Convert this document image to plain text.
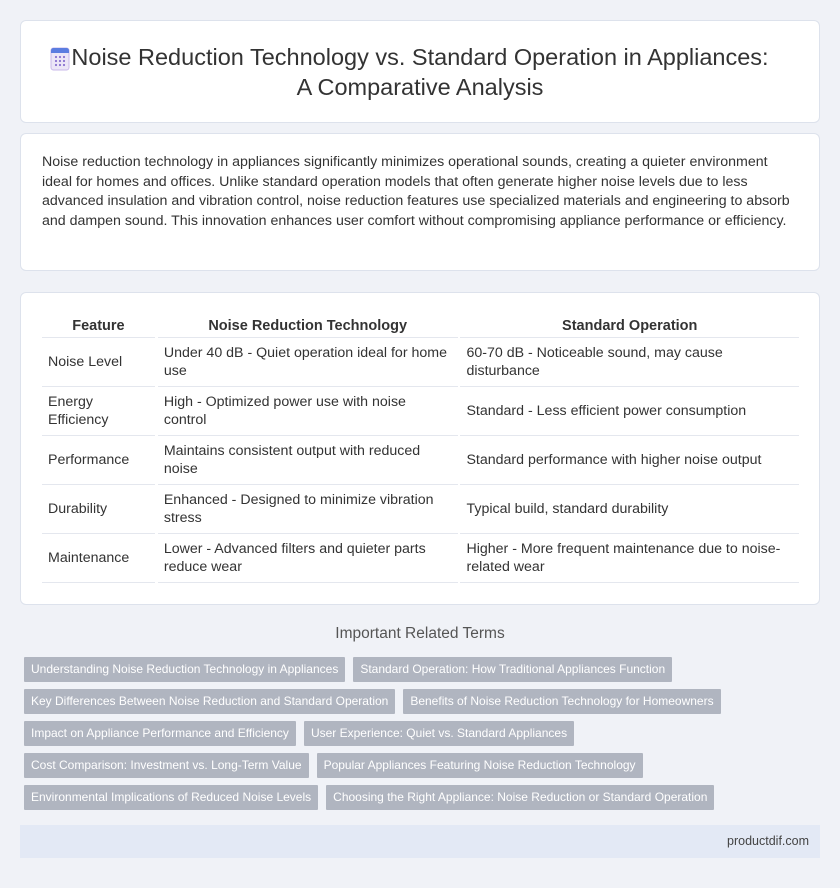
Noise Reduction Technology vs. Standard Operation in Appliances:
A Comparative Analysis

Noise reduction technology in appliances significantly minimizes operational sounds, creating a quieter environment ideal for homes and offices. Unlike standard operation models that often generate higher noise levels due to less advanced insulation and vibration control, noise reduction features use specialized materials and engineering to absorb and dampen sound. This innovation enhances user comfort without compromising appliance performance or efficiency.

Feature		Noise Reduction Technology		Standard Operation
Noise Level		Under 40 dB - Quiet operation ideal for home use		60-70 dB - Noticeable sound, may cause disturbance
Energy Efficiency		High - Optimized power use with noise control		Standard - Less efficient power consumption
Performance		Maintains consistent output with reduced noise		Standard performance with higher noise output
Durability		Enhanced - Designed to minimize vibration stress		Typical build, standard durability
Maintenance		Lower - Advanced filters and quieter parts reduce wear		Higher - More frequent maintenance due to noise-related wear
Important Related Terms
Understanding Noise Reduction Technology in Appliances	Standard Operation: How Traditional Appliances Function
Key Differences Between Noise Reduction and Standard Operation	Benefits of Noise Reduction Technology for Homeowners
Impact on Appliance Performance and Efficiency	User Experience: Quiet vs. Standard Appliances
Cost Comparison: Investment vs. Long-Term Value	Popular Appliances Featuring Noise Reduction Technology
Environmental Implications of Reduced Noise Levels	Choosing the Right Appliance: Noise Reduction or Standard Operation
productdif.com
